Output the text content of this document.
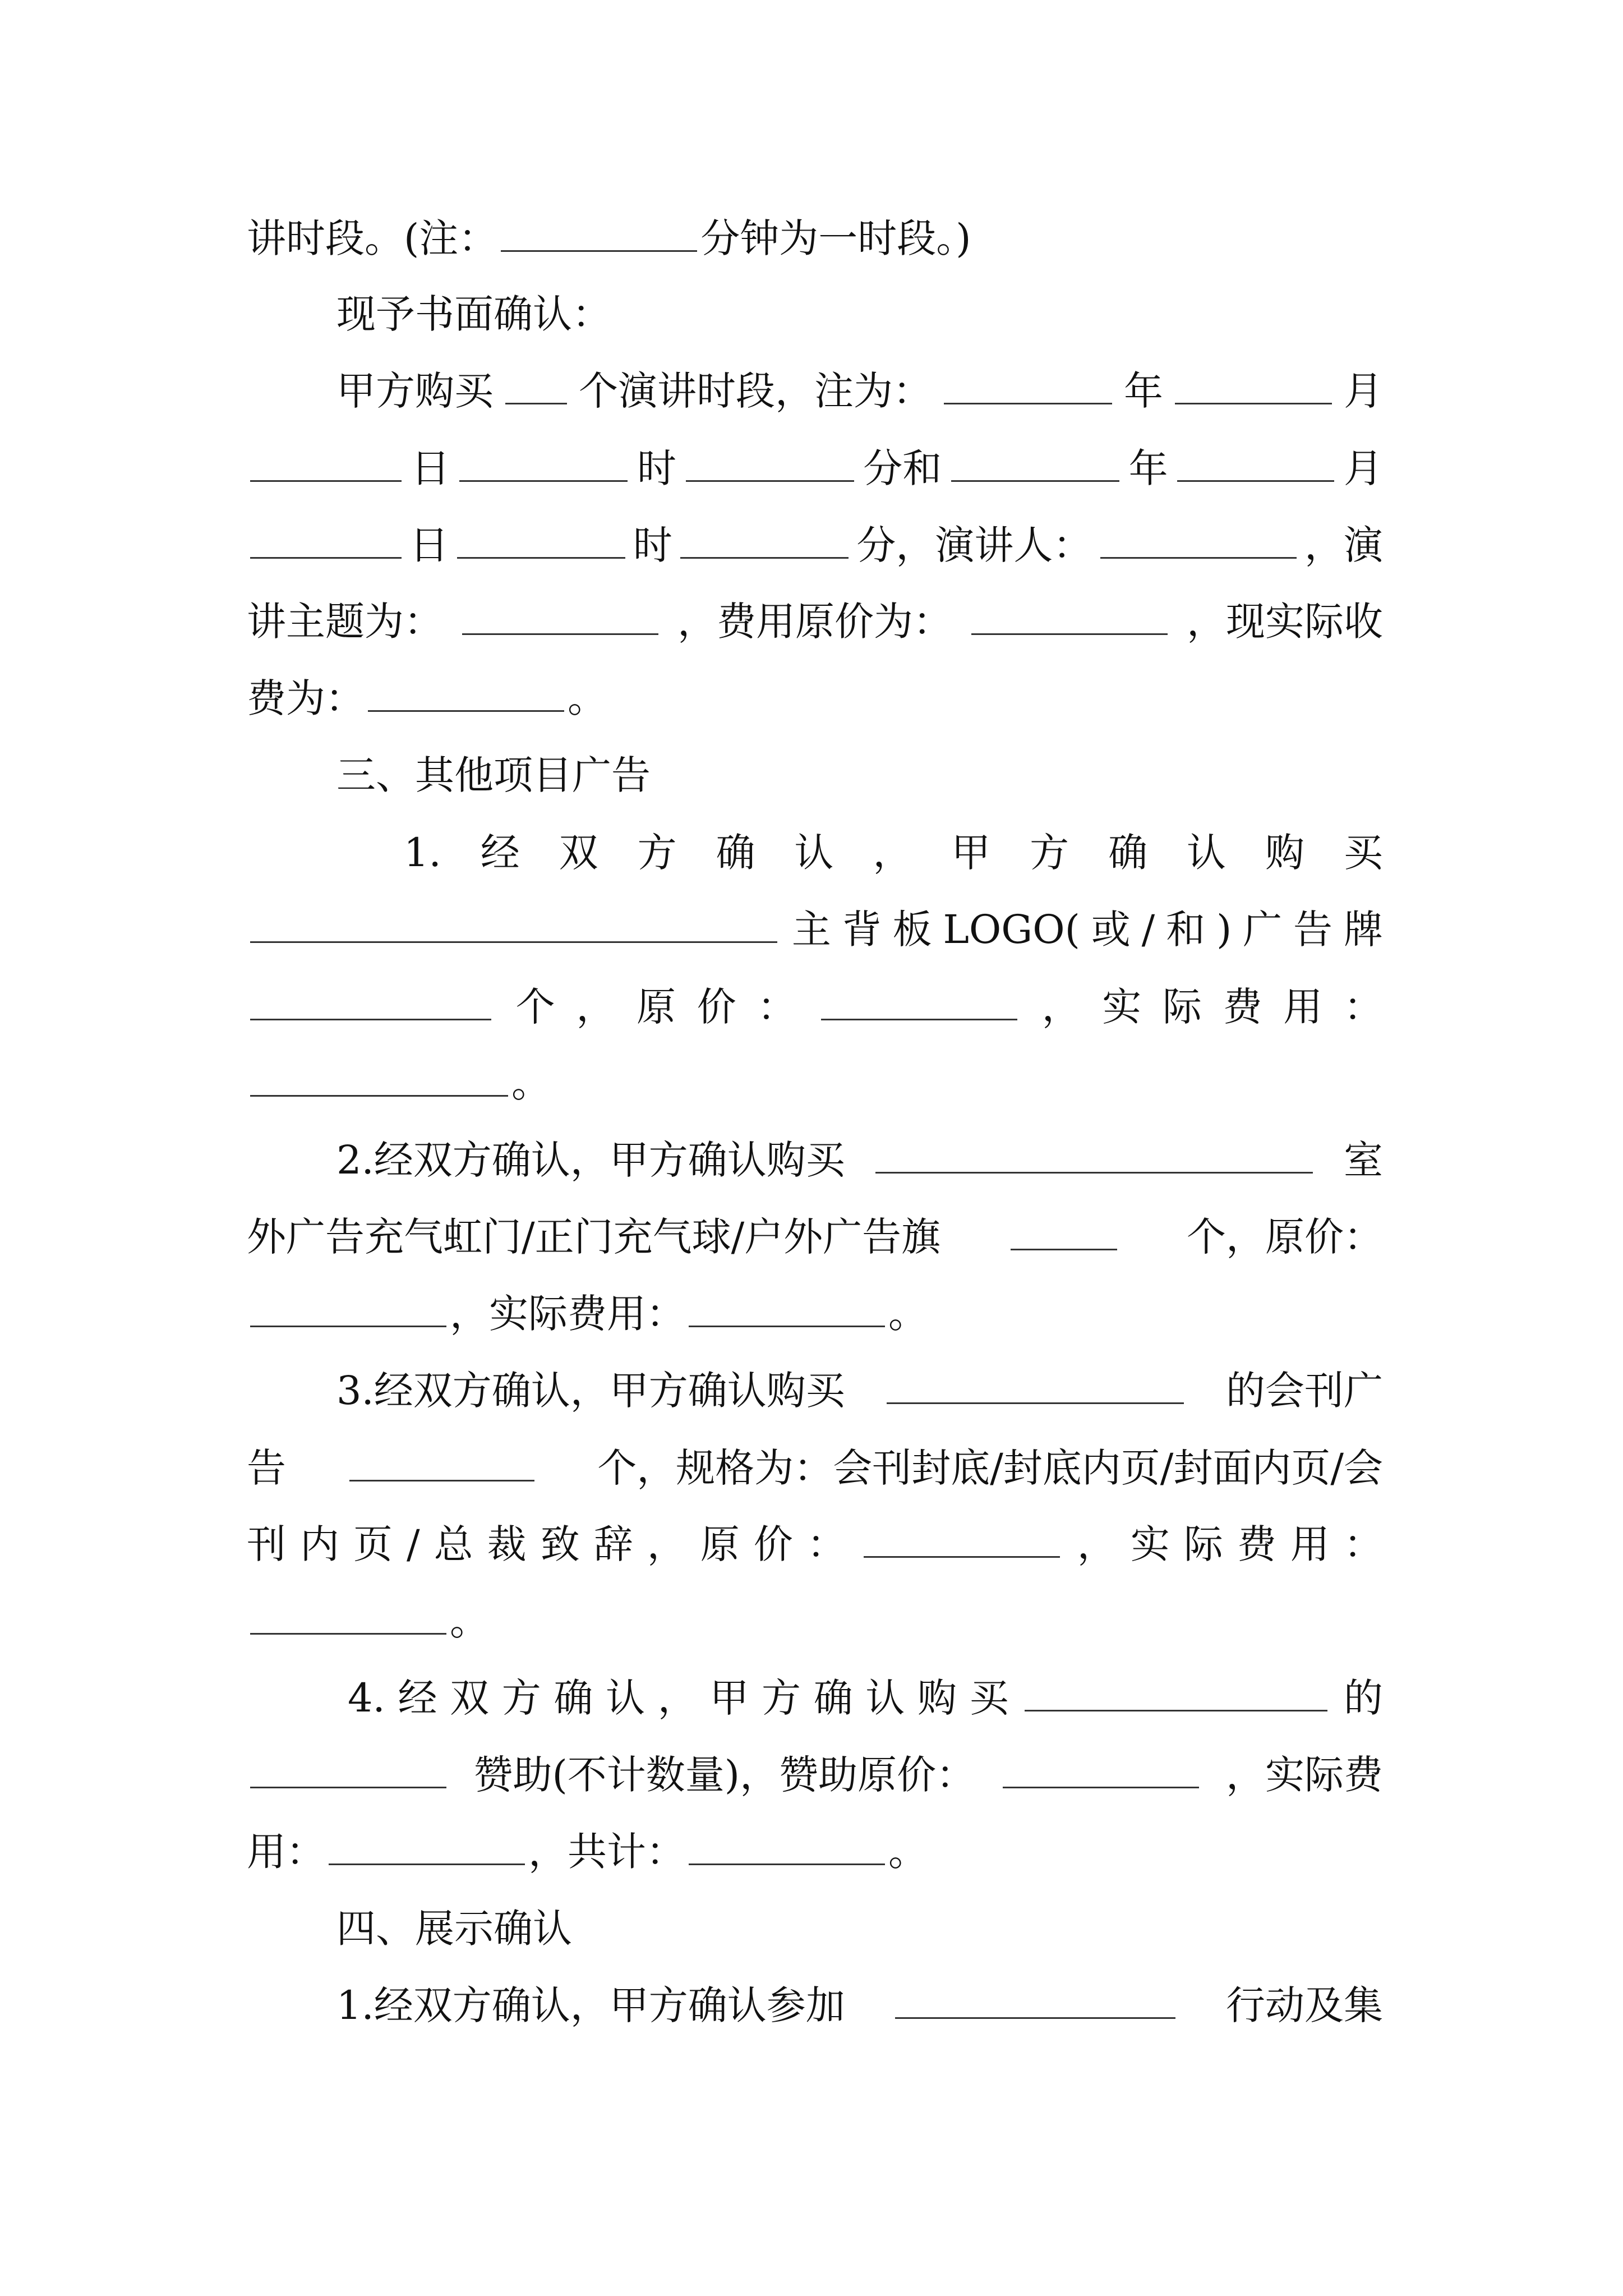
讲时段。(注：	分钟为一时段。)
现予书面确认：
甲方购买 个演讲时段，注为：	年	月
日	时	分和	年	月
日	时	分，演讲人：	，演
讲主题为：	，费用原价为：	，现实际收
费为：	。
三、其他项目广告
1. 经 双 方 确 认 ， 甲 方 确 认 购 买
主 背 板 LOGO( 或 / 和 ) 广 告 牌
个 ， 原 价 ：	， 实 际 费 用 ：
。
2.经双方确认，甲方确认购买	室
外广告充气虹门/正门充气球/户外广告旗	个，原价：
，实际费用：	。
3.经双方确认，甲方确认购买	的会刊广
告	个，规格为：会刊封底/封底内页/封面内页/会
刊 内 页 / 总 裁 致 辞 ， 原 价 ：	， 实 际 费 用 ：
。
4. 经 双 方 确 认 ， 甲 方 确 认 购 买	的
赞助(不计数量)，赞助原价：	，实际费
用：	，共计：	。
四、展示确认
1.经双方确认，甲方确认参加	行动及集
